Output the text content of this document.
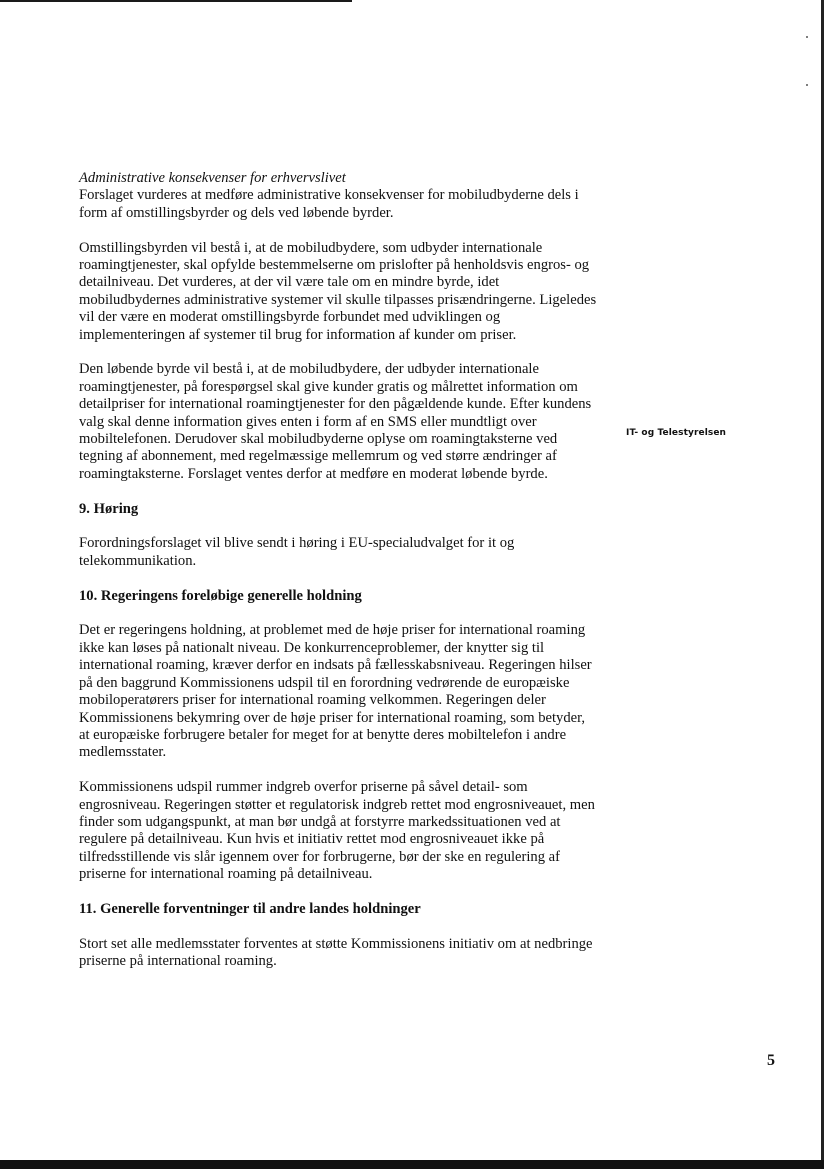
IT- og Telestyrelsen

Administrative konsekvenser for erhvervslivet

Forslaget vurderes at medføre administrative konsekvenser for mobiludbyderne dels i form af omstillingsbyrder og dels ved løbende byrder.

Omstillingsbyrden vil bestå i, at de mobiludbydere, som udbyder internationale roamingtjenester, skal opfylde bestemmelserne om prislofter på henholdsvis engros- og detailniveau. Det vurderes, at der vil være tale om en mindre byrde, idet mobiludbydernes administrative systemer vil skulle tilpasses prisændringerne. Ligeledes vil der være en moderat omstillingsbyrde forbundet med udviklingen og implementeringen af systemer til brug for information af kunder om priser.

Den løbende byrde vil bestå i, at de mobiludbydere, der udbyder internationale roamingtjenester, på forespørgsel skal give kunder gratis og målrettet information om detailpriser for international roamingtjenester for den pågældende kunde. Efter kundens valg skal denne information gives enten i form af en SMS eller mundtligt over mobiltelefonen. Derudover skal mobiludbyderne oplyse om roamingtaksterne ved tegning af abonnement, med regelmæssige mellemrum og ved større ændringer af roamingtaksterne. Forslaget ventes derfor at medføre en moderat løbende byrde.

9. Høring

Forordningsforslaget vil blive sendt i høring i EU-specialudvalget for it og telekommunikation.

10. Regeringens foreløbige generelle holdning

Det er regeringens holdning, at problemet med de høje priser for international roaming ikke kan løses på nationalt niveau. De konkurrenceproblemer, der knytter sig til international roaming, kræver derfor en indsats på fællesskabsniveau. Regeringen hilser på den baggrund Kommissionens udspil til en forordning vedrørende de europæiske mobiloperatørers priser for international roaming velkommen. Regeringen deler Kommissionens bekymring over de høje priser for international roaming, som betyder, at europæiske forbrugere betaler for meget for at benytte deres mobiltelefon i andre medlemsstater.

Kommissionens udspil rummer indgreb overfor priserne på såvel detail- som engrosniveau. Regeringen støtter et regulatorisk indgreb rettet mod engrosniveauet, men finder som udgangspunkt, at man bør undgå at forstyrre markedssituationen ved at regulere på detailniveau. Kun hvis et initiativ rettet mod engrosniveauet ikke på tilfredsstillende vis slår igennem over for forbrugerne, bør der ske en regulering af priserne for international roaming på detailniveau.

11. Generelle forventninger til andre landes holdninger

Stort set alle medlemsstater forventes at støtte Kommissionens initiativ om at nedbringe priserne på international roaming.

5
